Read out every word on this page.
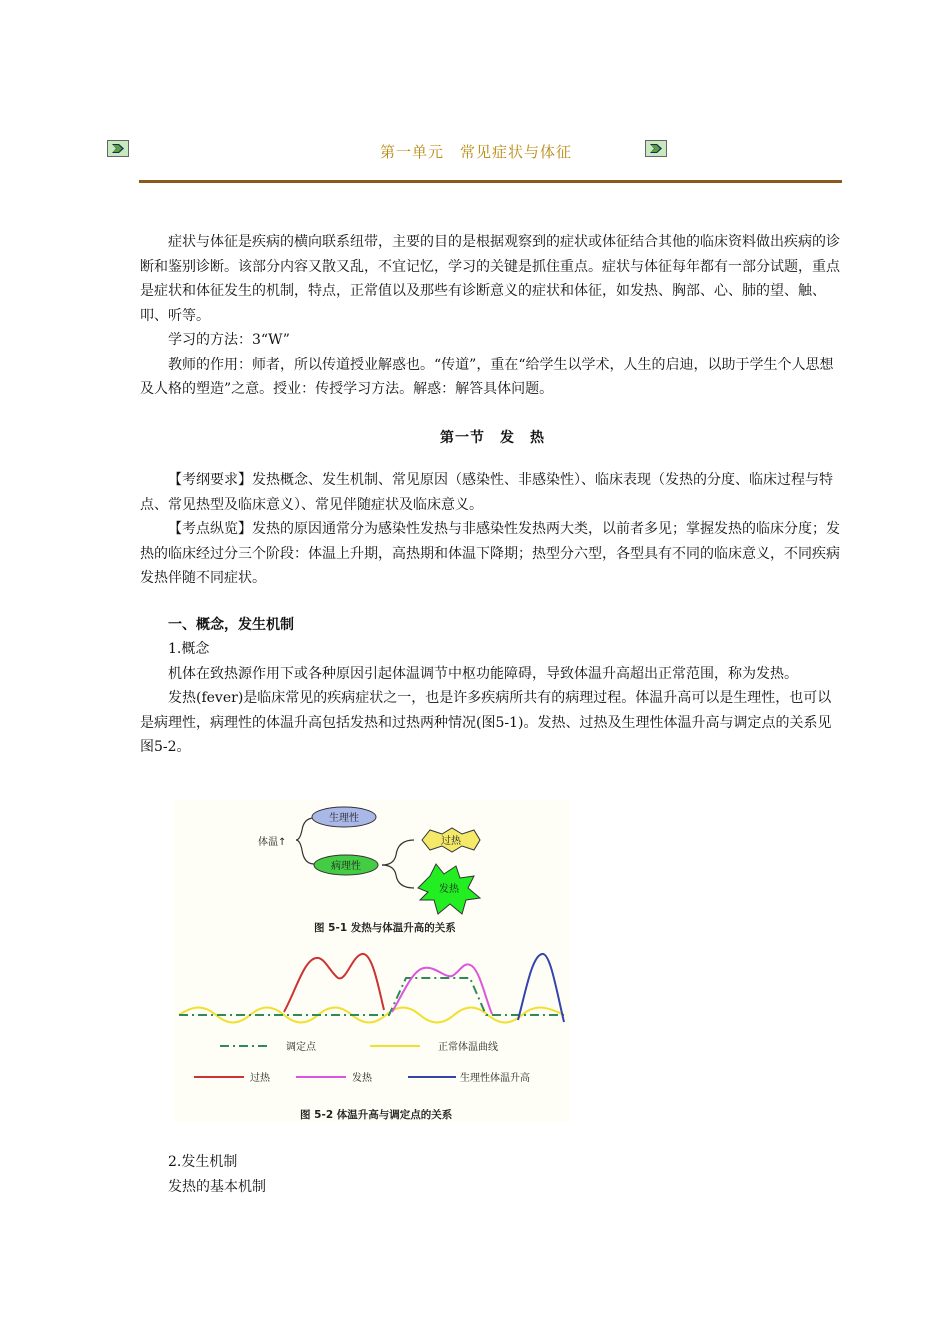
第一单元　常见症状与体征

症状与体征是疾病的横向联系纽带，主要的目的是根据观察到的症状或体征结合其他的临床资料做出疾病的诊断和鉴别诊断。该部分内容又散又乱，不宜记忆，学习的关键是抓住重点。症状与体征每年都有一部分试题，重点是症状和体征发生的机制，特点，正常值以及那些有诊断意义的症状和体征，如发热、胸部、心、肺的望、触、叩、听等。

学习的方法：3“W”

教师的作用：师者，所以传道授业解惑也。“传道”，重在“给学生以学术，人生的启迪，以助于学生个人思想及人格的塑造”之意。授业：传授学习方法。解惑：解答具体问题。

第一节　发　热

【考纲要求】发热概念、发生机制、常见原因（感染性、非感染性）、临床表现（发热的分度、临床过程与特点、常见热型及临床意义）、常见伴随症状及临床意义。

【考点纵览】发热的原因通常分为感染性发热与非感染性发热两大类，以前者多见；掌握发热的临床分度；发热的临床经过分三个阶段：体温上升期，高热期和体温下降期；热型分六型，各型具有不同的临床意义，不同疾病发热伴随不同症状。

一、概念，发生机制

1.概念

机体在致热源作用下或各种原因引起体温调节中枢功能障碍，导致体温升高超出正常范围，称为发热。

发热(fever)是临床常见的疾病症状之一，也是许多疾病所共有的病理过程。体温升高可以是生理性，也可以是病理性，病理性的体温升高包括发热和过热两种情况(图5-1)。发热、过热及生理性体温升高与调定点的关系见图5-2。

体温↑
生理性
病理性
过热
发热
图 5-1 发热与体温升高的关系
调定点	正常体温曲线
过热	发热	生理性体温升高
图 5-2 体温升高与调定点的关系

2.发生机制

发热的基本机制
